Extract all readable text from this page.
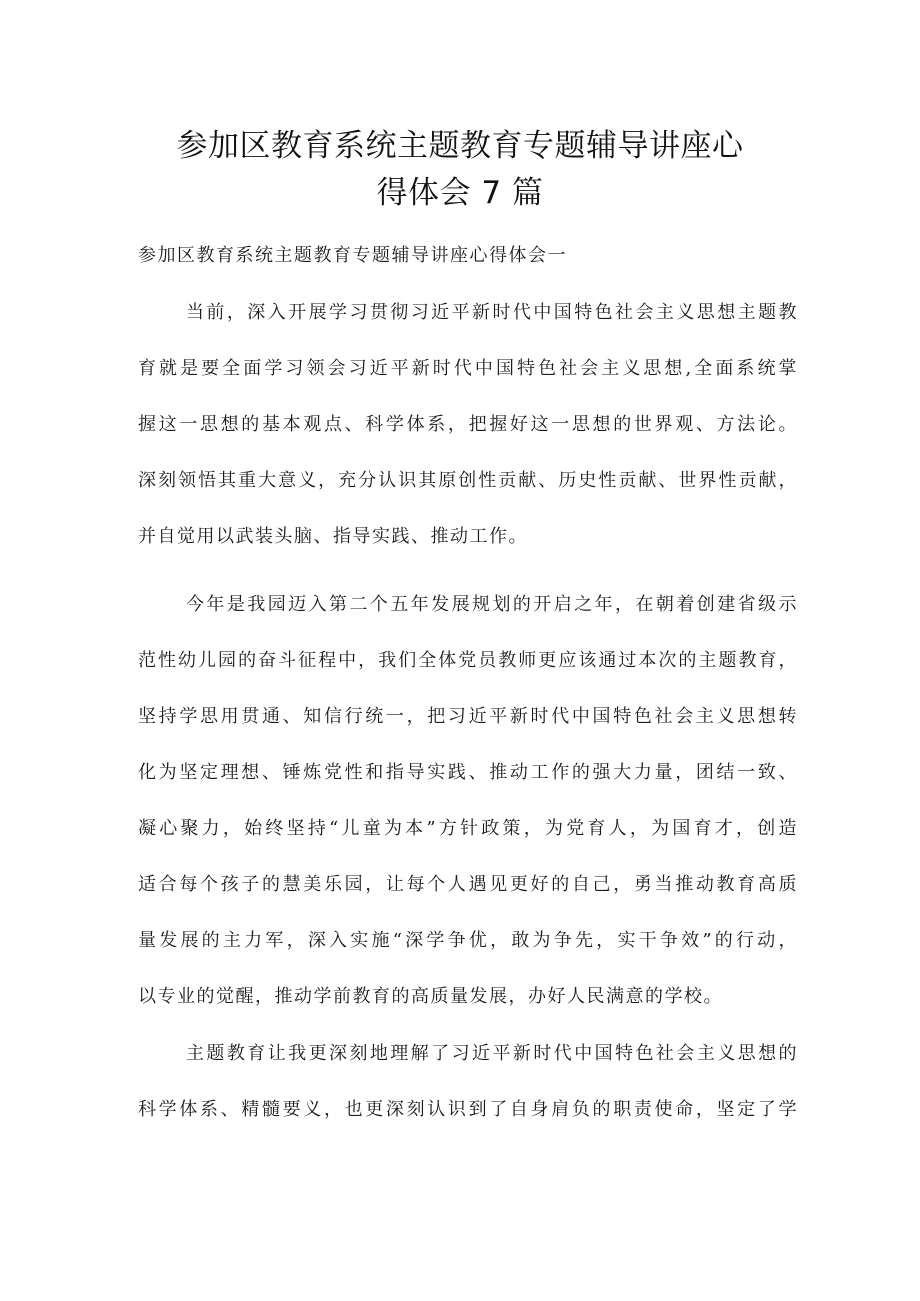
参加区教育系统主题教育专题辅导讲座心
得体会 7 篇
参加区教育系统主题教育专题辅导讲座心得体会一
当前，深入开展学习贯彻习近平新时代中国特色社会主义思想主题教
育就是要全面学习领会习近平新时代中国特色社会主义思想,全面系统掌
握这一思想的基本观点、科学体系，把握好这一思想的世界观、方法论。
深刻领悟其重大意义，充分认识其原创性贡献、历史性贡献、世界性贡献，
并自觉用以武装头脑、指导实践、推动工作。
今年是我园迈入第二个五年发展规划的开启之年，在朝着创建省级示
范性幼儿园的奋斗征程中，我们全体党员教师更应该通过本次的主题教育，
坚持学思用贯通、知信行统一，把习近平新时代中国特色社会主义思想转
化为坚定理想、锤炼党性和指导实践、推动工作的强大力量，团结一致、
凝心聚力，始终坚持“儿童为本”方针政策，为党育人，为国育才，创造
适合每个孩子的慧美乐园，让每个人遇见更好的自己，勇当推动教育高质
量发展的主力军，深入实施“深学争优，敢为争先，实干争效”的行动，
以专业的觉醒，推动学前教育的高质量发展，办好人民满意的学校。
主题教育让我更深刻地理解了习近平新时代中国特色社会主义思想的
科学体系、精髓要义，也更深刻认识到了自身肩负的职责使命，坚定了学
